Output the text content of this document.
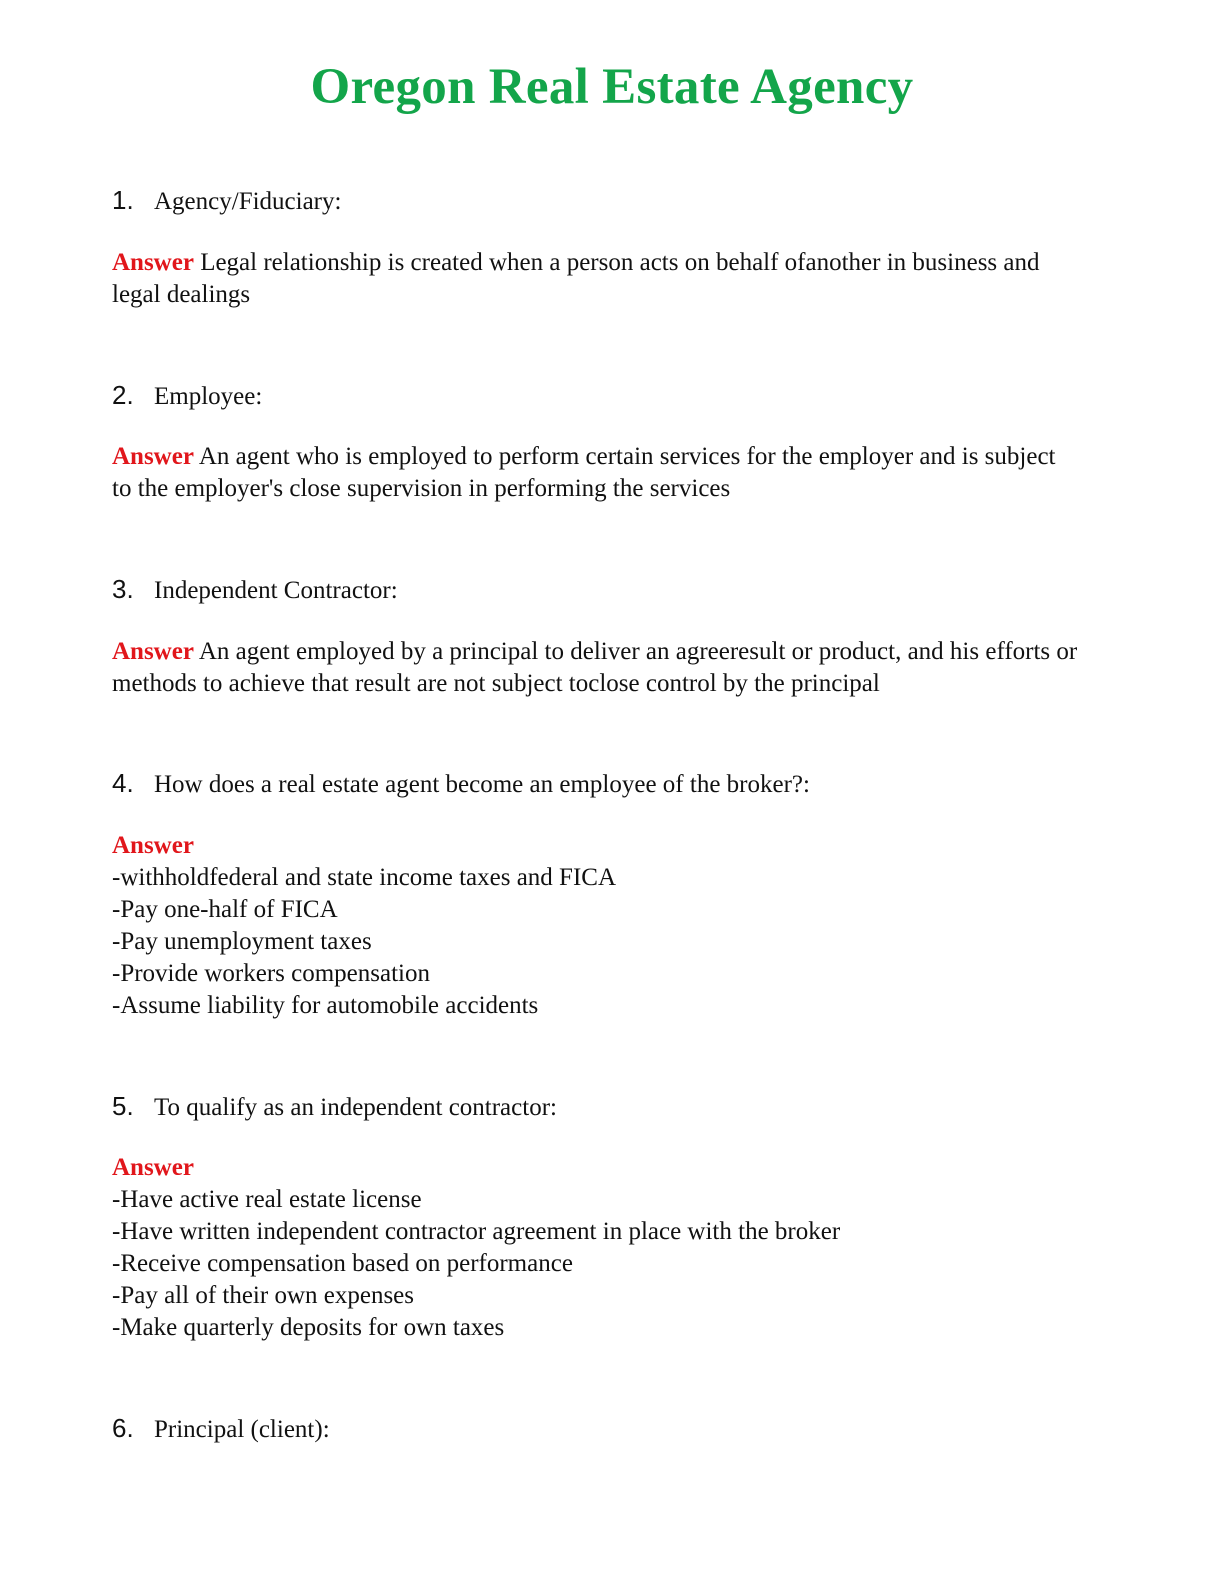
Oregon Real Estate Agency
1. Agency/Fiduciary:
Answer Legal relationship is created when a person acts on behalf ofanother in business and legal dealings
2. Employee:
Answer An agent who is employed to perform certain services for the employer and is subject to the employer's close supervision in performing the services
3. Independent Contractor:
Answer An agent employed by a principal to deliver an agreeresult or product, and his efforts or methods to achieve that result are not subject toclose control by the principal
4. How does a real estate agent become an employee of the broker?:
Answer
-withholdfederal and state income taxes and FICA
-Pay one-half of FICA
-Pay unemployment taxes
-Provide workers compensation
-Assume liability for automobile accidents
5. To qualify as an independent contractor:
Answer
-Have active real estate license
-Have written independent contractor agreement in place with the broker
-Receive compensation based on performance
-Pay all of their own expenses
-Make quarterly deposits for own taxes
6. Principal (client):
